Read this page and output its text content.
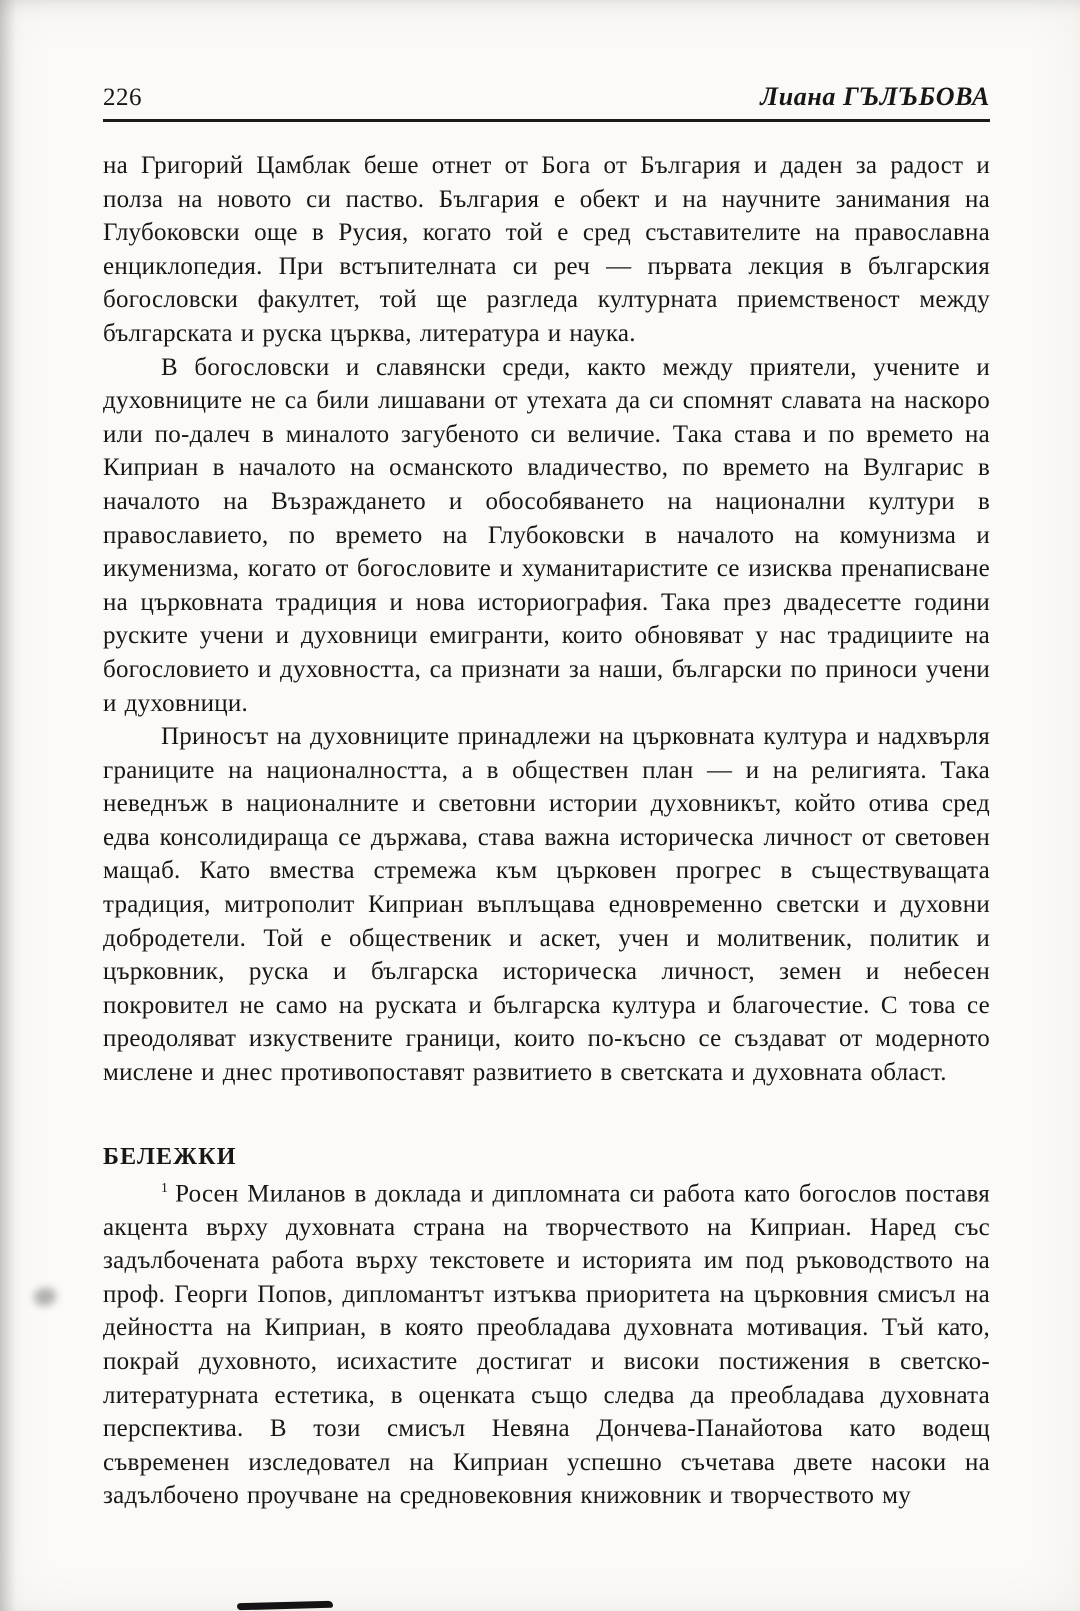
226	Лиана ГЪЛЪБОВА

на Григорий Цамблак беше отнет от Бога от България и даден за радост и полза на новото си паство. България е обект и на научните занимания на Глубоковски още в Русия, когато той е сред съставителите на православна енциклопедия. При встъпителната си реч — първата лекция в българския богословски факултет, той ще разгледа културната приемственост между българската и руска църква, литература и наука.

В богословски и славянски среди, както между приятели, учените и духовниците не са били лишавани от утехата да си спомнят славата на наскоро или по-далеч в миналото загубеното си величие. Така става и по времето на Киприан в началото на османското владичество, по времето на Вулгарис в началото на Възраждането и обособяването на национални култури в православието, по времето на Глубоковски в началото на комунизма и икуменизма, когато от богословите и хуманитаристите се изисква пренаписване на църковната традиция и нова историография. Така през двадесетте години руските учени и духовници емигранти, които обновяват у нас традициите на богословието и духовността, са признати за наши, български по приноси учени и духовници.

Приносът на духовниците принадлежи на църковната култура и надхвърля границите на националността, а в обществен план — и на религията. Така неведнъж в националните и световни истории духовникът, който отива сред едва консолидираща се държава, става важна историческа личност от световен мащаб. Като вмества стремежа към църковен прогрес в съществуващата традиция, митрополит Киприан въплъщава едновременно светски и духовни добродетели. Той е общественик и аскет, учен и молитвеник, политик и църковник, руска и българска историческа личност, земен и небесен покровител не само на руската и българска култура и благочестие. С това се преодоляват изкуствените граници, които по-късно се създават от модерното мислене и днес противопоставят развитието в светската и духовната област.

БЕЛЕЖКИ

$^1$ Росен Миланов в доклада и дипломната си работа като богослов поставя акцента върху духовната страна на творчеството на Киприан. Наред със задълбочената работа върху текстовете и историята им под ръководството на проф. Георги Попов, дипломантът изтъква приоритета на църковния смисъл на дейността на Киприан, в която преобладава духовната мотивация. Тъй като, покрай духовното, исихастите достигат и високи постижения в светско-литературната естетика, в оценката също следва да преобладава духовната перспектива. В този смисъл Невяна Дончева-Панайотова като водещ съвременен изследовател на Киприан успешно съчетава двете насоки на задълбочено проучване на средновековния книжовник и творчеството му
